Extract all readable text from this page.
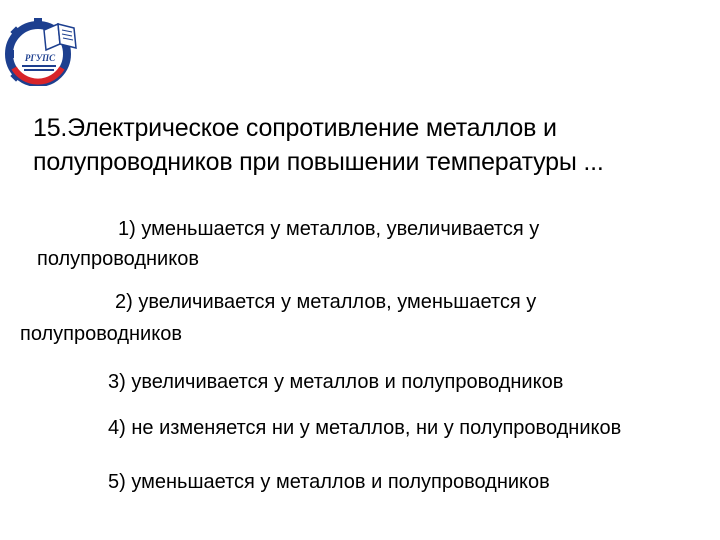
РГУПС
15.Электрическое сопротивление металлов и
полупроводников при повышении температуры ...
1) уменьшается у металлов, увеличивается у
полупроводников
2) увеличивается у металлов, уменьшается у
полупроводников
3) увеличивается у металлов и полупроводников
4) не изменяется ни у металлов, ни у полупроводников
5) уменьшается у металлов и полупроводников
